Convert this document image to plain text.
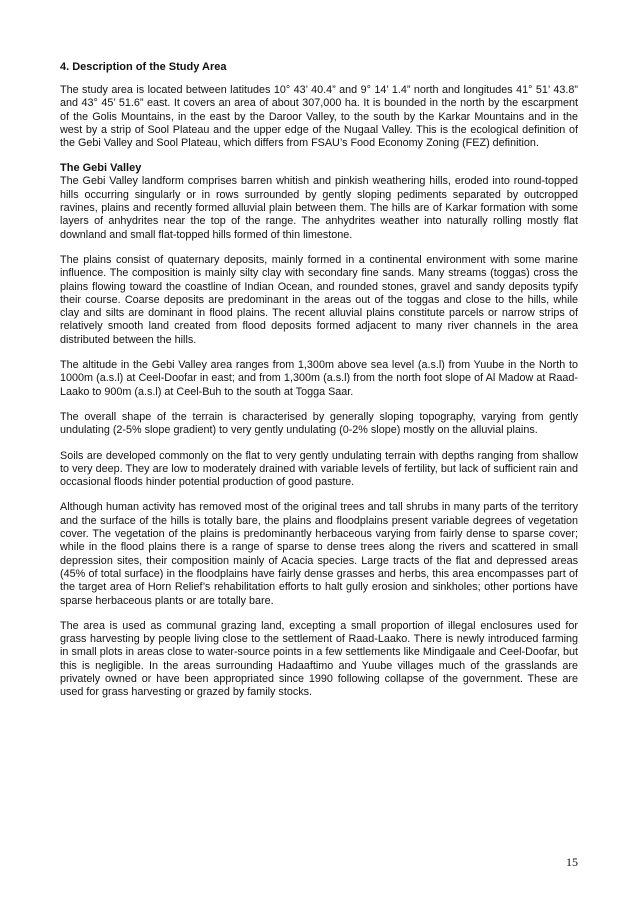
4. Description of the Study Area

The study area is located between latitudes 10° 43’ 40.4” and 9° 14’ 1.4” north and longitudes 41° 51’ 43.8” and 43° 45’ 51.6” east. It covers an area of about 307,000 ha. It is bounded in the north by the escarpment of the Golis Mountains, in the east by the Daroor Valley, to the south by the Karkar Mountains and in the west by a strip of Sool Plateau and the upper edge of the Nugaal Valley. This is the ecological definition of the Gebi Valley and Sool Plateau, which differs from FSAU’s Food Economy Zoning (FEZ) definition.

The Gebi Valley

The Gebi Valley landform comprises barren whitish and pinkish weathering hills, eroded into round-topped hills occurring singularly or in rows surrounded by gently sloping pediments separated by outcropped ravines, plains and recently formed alluvial plain between them. The hills are of Karkar formation with some layers of anhydrites near the top of the range. The anhydrites weather into naturally rolling mostly flat downland and small flat-topped hills formed of thin limestone.

The plains consist of quaternary deposits, mainly formed in a continental environment with some marine influence. The composition is mainly silty clay with secondary fine sands. Many streams (toggas) cross the plains flowing toward the coastline of Indian Ocean, and rounded stones, gravel and sandy deposits typify their course. Coarse deposits are predominant in the areas out of the toggas and close to the hills, while clay and silts are dominant in flood plains. The recent alluvial plains constitute parcels or narrow strips of relatively smooth land created from flood deposits formed adjacent to many river channels in the area distributed between the hills.

The altitude in the Gebi Valley area ranges from 1,300m above sea level (a.s.l) from Yuube in the North to 1000m (a.s.l) at Ceel-Doofar in east; and from 1,300m (a.s.l) from the north foot slope of Al Madow at Raad-Laako to 900m (a.s.l) at Ceel-Buh to the south at Togga Saar.

The overall shape of the terrain is characterised by generally sloping topography, varying from gently undulating (2-5% slope gradient) to very gently undulating (0-2% slope) mostly on the alluvial plains.

Soils are developed commonly on the flat to very gently undulating terrain with depths ranging from shallow to very deep. They are low to moderately drained with variable levels of fertility, but lack of sufficient rain and occasional floods hinder potential production of good pasture.

Although human activity has removed most of the original trees and tall shrubs in many parts of the territory and the surface of the hills is totally bare, the plains and floodplains present variable degrees of vegetation cover. The vegetation of the plains is predominantly herbaceous varying from fairly dense to sparse cover; while in the flood plains there is a range of sparse to dense trees along the rivers and scattered in small depression sites, their composition mainly of Acacia species. Large tracts of the flat and depressed areas (45% of total surface) in the floodplains have fairly dense grasses and herbs, this area encompasses part of the target area of Horn Relief’s rehabilitation efforts to halt gully erosion and sinkholes; other portions have sparse herbaceous plants or are totally bare.

The area is used as communal grazing land, excepting a small proportion of illegal enclosures used for grass harvesting by people living close to the settlement of Raad-Laako. There is newly introduced farming in small plots in areas close to water-source points in a few settlements like Mindigaale and Ceel-Doofar, but this is negligible. In the areas surrounding Hadaaftimo and Yuube villages much of the grasslands are privately owned or have been appropriated since 1990 following collapse of the government. These are used for grass harvesting or grazed by family stocks.

15
